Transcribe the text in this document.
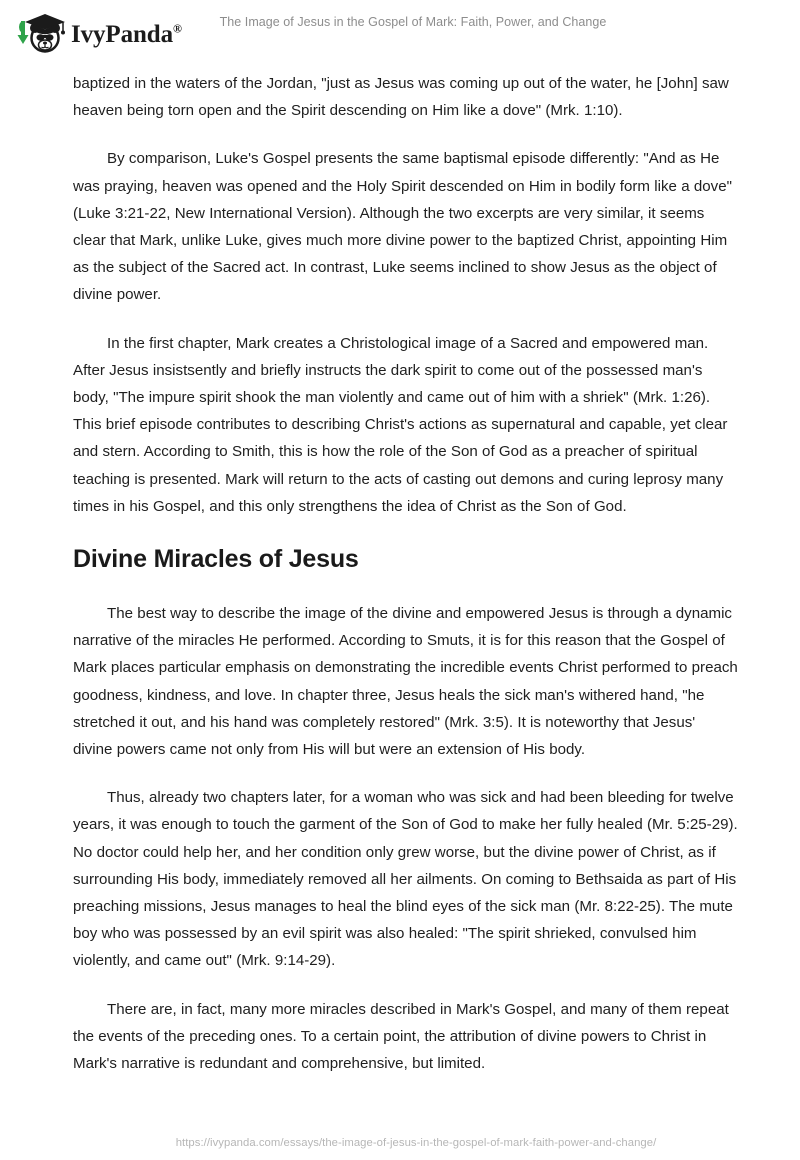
IvyPanda®	The Image of Jesus in the Gospel of Mark: Faith, Power, and Change

baptized in the waters of the Jordan, "just as Jesus was coming up out of the water, he [John] saw heaven being torn open and the Spirit descending on Him like a dove" (Mrk. 1:10).

By comparison, Luke's Gospel presents the same baptismal episode differently: "And as He was praying, heaven was opened and the Holy Spirit descended on Him in bodily form like a dove" (Luke 3:21-22, New International Version). Although the two excerpts are very similar, it seems clear that Mark, unlike Luke, gives much more divine power to the baptized Christ, appointing Him as the subject of the Sacred act. In contrast, Luke seems inclined to show Jesus as the object of divine power.

In the first chapter, Mark creates a Christological image of a Sacred and empowered man. After Jesus insistsently and briefly instructs the dark spirit to come out of the possessed man's body, "The impure spirit shook the man violently and came out of him with a shriek" (Mrk. 1:26). This brief episode contributes to describing Christ's actions as supernatural and capable, yet clear and stern. According to Smith, this is how the role of the Son of God as a preacher of spiritual teaching is presented. Mark will return to the acts of casting out demons and curing leprosy many times in his Gospel, and this only strengthens the idea of Christ as the Son of God.

Divine Miracles of Jesus

The best way to describe the image of the divine and empowered Jesus is through a dynamic narrative of the miracles He performed. According to Smuts, it is for this reason that the Gospel of Mark places particular emphasis on demonstrating the incredible events Christ performed to preach goodness, kindness, and love. In chapter three, Jesus heals the sick man's withered hand, "he stretched it out, and his hand was completely restored" (Mrk. 3:5). It is noteworthy that Jesus' divine powers came not only from His will but were an extension of His body.

Thus, already two chapters later, for a woman who was sick and had been bleeding for twelve years, it was enough to touch the garment of the Son of God to make her fully healed (Mr. 5:25-29). No doctor could help her, and her condition only grew worse, but the divine power of Christ, as if surrounding His body, immediately removed all her ailments. On coming to Bethsaida as part of His preaching missions, Jesus manages to heal the blind eyes of the sick man (Mr. 8:22-25). The mute boy who was possessed by an evil spirit was also healed: "The spirit shrieked, convulsed him violently, and came out" (Mrk. 9:14-29).

There are, in fact, many more miracles described in Mark's Gospel, and many of them repeat the events of the preceding ones. To a certain point, the attribution of divine powers to Christ in Mark's narrative is redundant and comprehensive, but limited.

https://ivypanda.com/essays/the-image-of-jesus-in-the-gospel-of-mark-faith-power-and-change/
